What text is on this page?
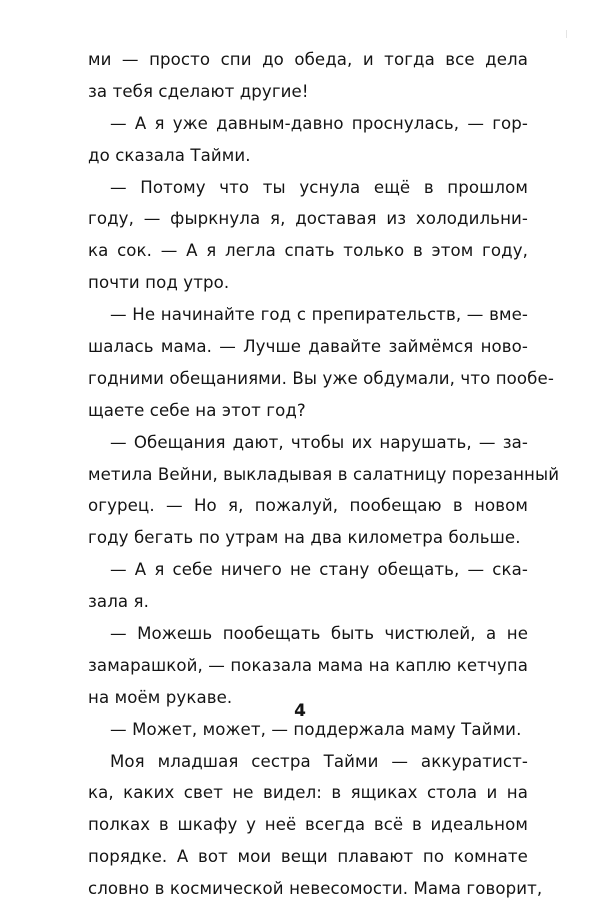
ми — просто спи до обеда, и тогда все дела
за тебя сделают другие!
— А я уже давным-давно проснулась, — гор-
до сказала Тайми.
— Потому что ты уснула ещё в прошлом
году, — фыркнула я, доставая из холодильни-
ка сок. — А я легла спать только в этом году,
почти под утро.
— Не начинайте год с препирательств, — вме-
шалась мама. — Лучше давайте займёмся ново-
годними обещаниями. Вы уже обдумали, что пообе-
щаете себе на этот год?
— Обещания дают, чтобы их нарушать, — за-
метила Вейни, выкладывая в салатницу порезанный
огурец. — Но я, пожалуй, пообещаю в новом
году бегать по утрам на два километра больше.
— А я себе ничего не стану обещать, — ска-
зала я.
— Можешь пообещать быть чистюлей, а не
замарашкой, — показала мама на каплю кетчупа
на моём рукаве.
— Может, может, — поддержала маму Тайми.
Моя младшая сестра Тайми — аккуратист-
ка, каких свет не видел: в ящиках стола и на
полках в шкафу у неё всегда всё в идеальном
порядке. А вот мои вещи плавают по комнате
словно в космической невесомости. Мама говорит,
4
